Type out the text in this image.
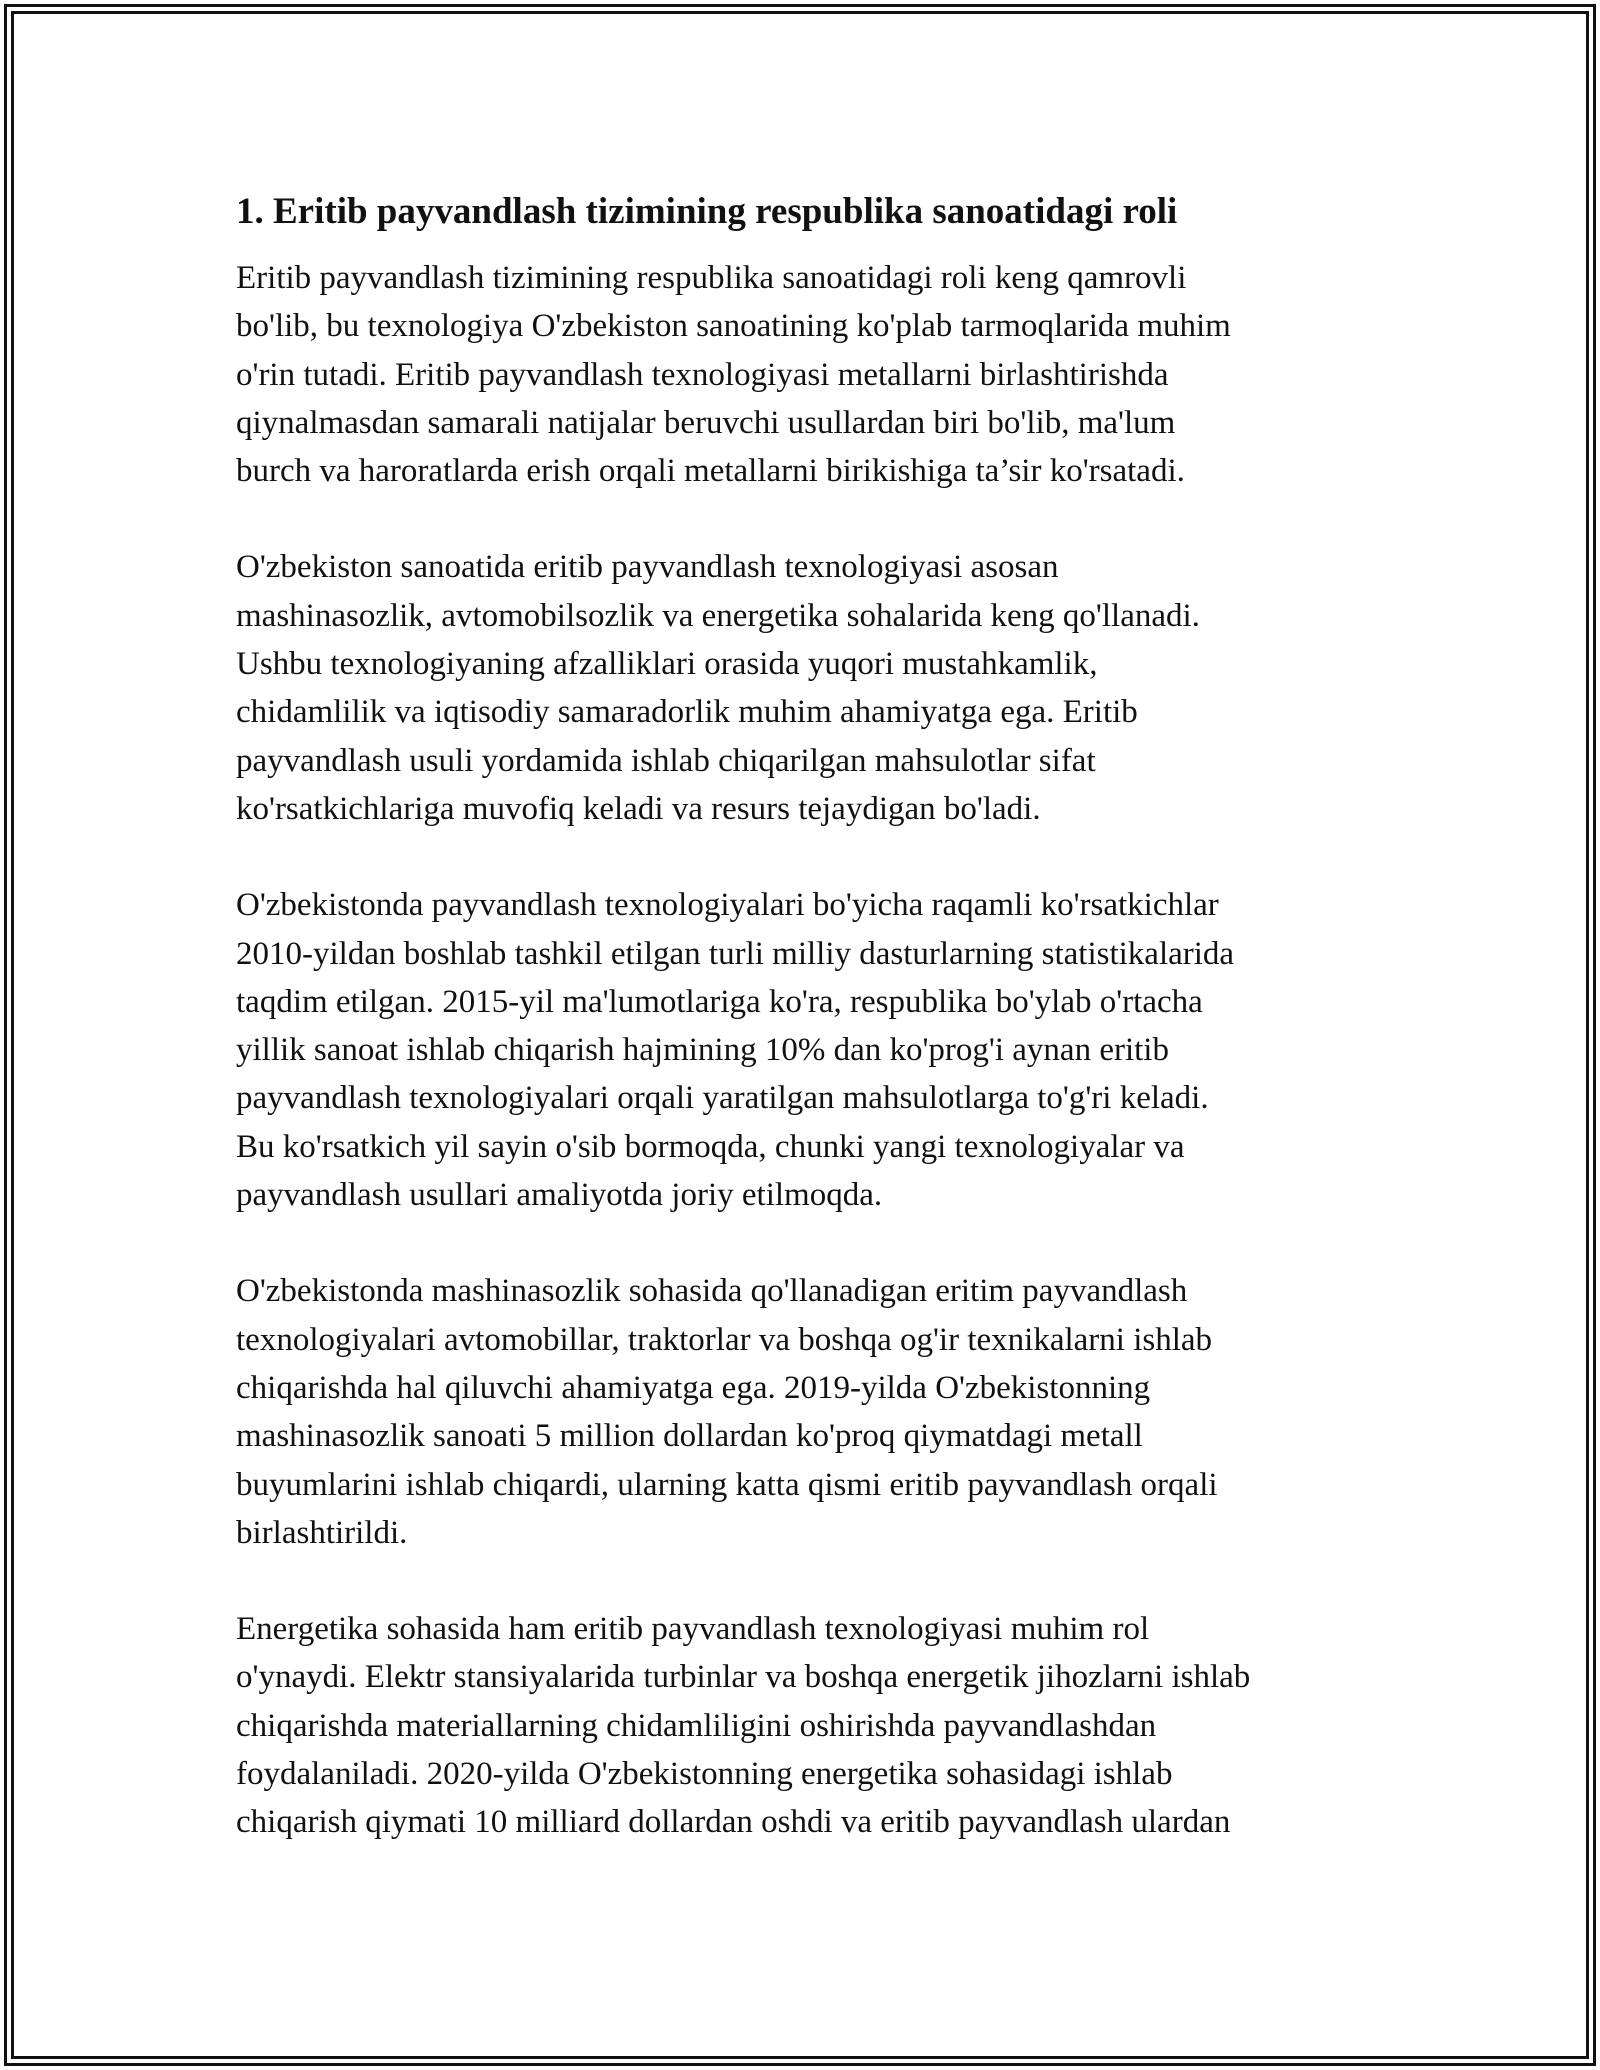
1. Eritib payvandlash tizimining respublika sanoatidagi roli

Eritib payvandlash tizimining respublika sanoatidagi roli keng qamrovli
bo'lib, bu texnologiya O'zbekiston sanoatining ko'plab tarmoqlarida muhim
o'rin tutadi. Eritib payvandlash texnologiyasi metallarni birlashtirishda
qiynalmasdan samarali natijalar beruvchi usullardan biri bo'lib, ma'lum
burch va haroratlarda erish orqali metallarni birikishiga ta’sir ko'rsatadi.

O'zbekiston sanoatida eritib payvandlash texnologiyasi asosan
mashinasozlik, avtomobilsozlik va energetika sohalarida keng qo'llanadi.
Ushbu texnologiyaning afzalliklari orasida yuqori mustahkamlik,
chidamlilik va iqtisodiy samaradorlik muhim ahamiyatga ega. Eritib
payvandlash usuli yordamida ishlab chiqarilgan mahsulotlar sifat
ko'rsatkichlariga muvofiq keladi va resurs tejaydigan bo'ladi.

O'zbekistonda payvandlash texnologiyalari bo'yicha raqamli ko'rsatkichlar
2010-yildan boshlab tashkil etilgan turli milliy dasturlarning statistikalarida
taqdim etilgan. 2015-yil ma'lumotlariga ko'ra, respublika bo'ylab o'rtacha
yillik sanoat ishlab chiqarish hajmining 10% dan ko'prog'i aynan eritib
payvandlash texnologiyalari orqali yaratilgan mahsulotlarga to'g'ri keladi.
Bu ko'rsatkich yil sayin o'sib bormoqda, chunki yangi texnologiyalar va
payvandlash usullari amaliyotda joriy etilmoqda.

O'zbekistonda mashinasozlik sohasida qo'llanadigan eritim payvandlash
texnologiyalari avtomobillar, traktorlar va boshqa og'ir texnikalarni ishlab
chiqarishda hal qiluvchi ahamiyatga ega. 2019-yilda O'zbekistonning
mashinasozlik sanoati 5 million dollardan ko'proq qiymatdagi metall
buyumlarini ishlab chiqardi, ularning katta qismi eritib payvandlash orqali
birlashtirildi.

Energetika sohasida ham eritib payvandlash texnologiyasi muhim rol
o'ynaydi. Elektr stansiyalarida turbinlar va boshqa energetik jihozlarni ishlab
chiqarishda materiallarning chidamliligini oshirishda payvandlashdan
foydalaniladi. 2020-yilda O'zbekistonning energetika sohasidagi ishlab
chiqarish qiymati 10 milliard dollardan oshdi va eritib payvandlash ulardan
